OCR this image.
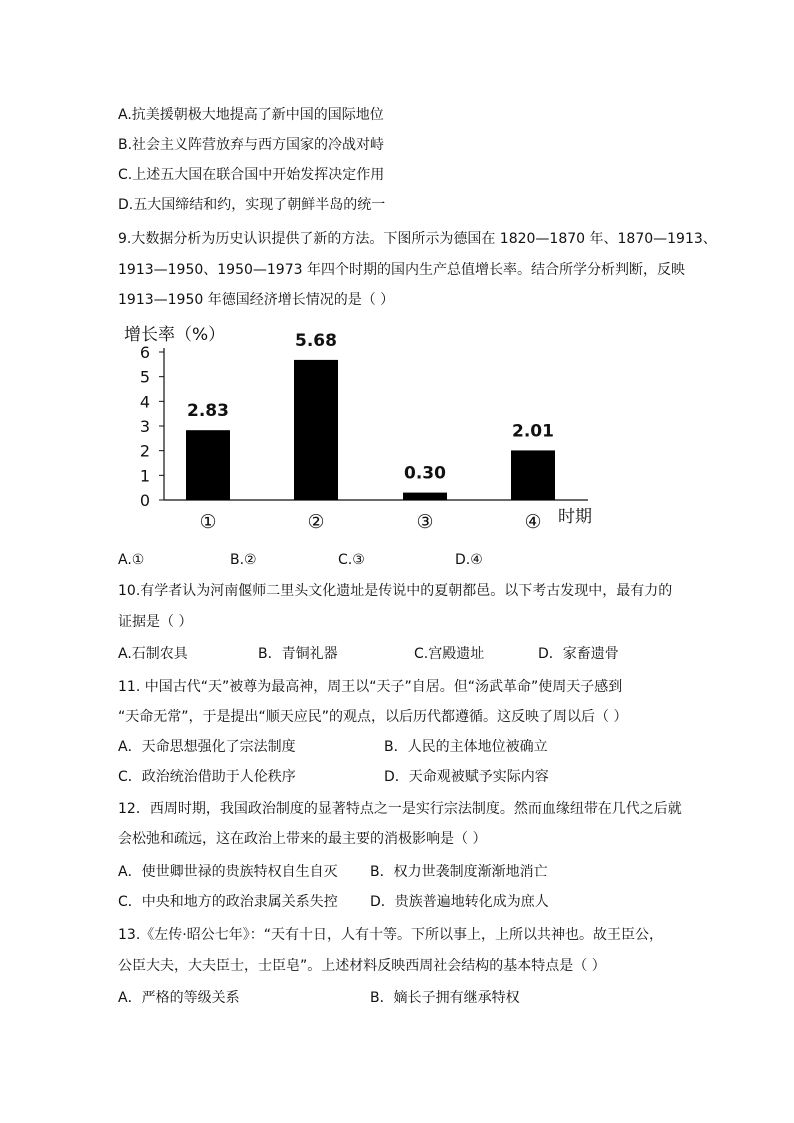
A.抗美援朝极大地提高了新中国的国际地位
B.社会主义阵营放弃与西方国家的冷战对峙
C.上述五大国在联合国中开始发挥决定作用
D.五大国缔结和约，实现了朝鲜半岛的统一
9.大数据分析为历史认识提供了新的方法。下图所示为德国在 1820—1870 年、1870—1913、
1913—1950、1950—1973 年四个时期的国内生产总值增长率。结合所学分析判断，反映
1913—1950 年德国经济增长情况的是（ ）
增长率（%）
0
1
2
3
4
5
6
2.83
①
5.68
②
0.30
③
2.01
④ 时期
A.①	B.②	C.③	D.④
10.有学者认为河南偃师二里头文化遗址是传说中的夏朝都邑。以下考古发现中，最有力的
证据是（ ）
A.石制农具	B．青铜礼器	C.宫殿遗址	D．家畜遗骨
11. 中国古代“天”被尊为最高神，周王以“天子”自居。但“汤武革命”使周天子感到
“天命无常”，于是提出“顺天应民”的观点，以后历代都遵循。这反映了周以后（ ）
A．天命思想强化了宗法制度	B．人民的主体地位被确立
C．政治统治借助于人伦秩序	D．天命观被赋予实际内容
12．西周时期，我国政治制度的显著特点之一是实行宗法制度。然而血缘纽带在几代之后就
会松弛和疏远，这在政治上带来的最主要的消极影响是（ ）
A．使世卿世禄的贵族特权自生自灭 B．权力世袭制度渐渐地消亡
C．中央和地方的政治隶属关系失控 D．贵族普遍地转化成为庶人
13.《左传·昭公七年》：“天有十日，人有十等。下所以事上，上所以共神也。故王臣公，
公臣大夫，大夫臣士，士臣皂”。上述材料反映西周社会结构的基本特点是（ ）
A．严格的等级关系	B．嫡长子拥有继承特权
